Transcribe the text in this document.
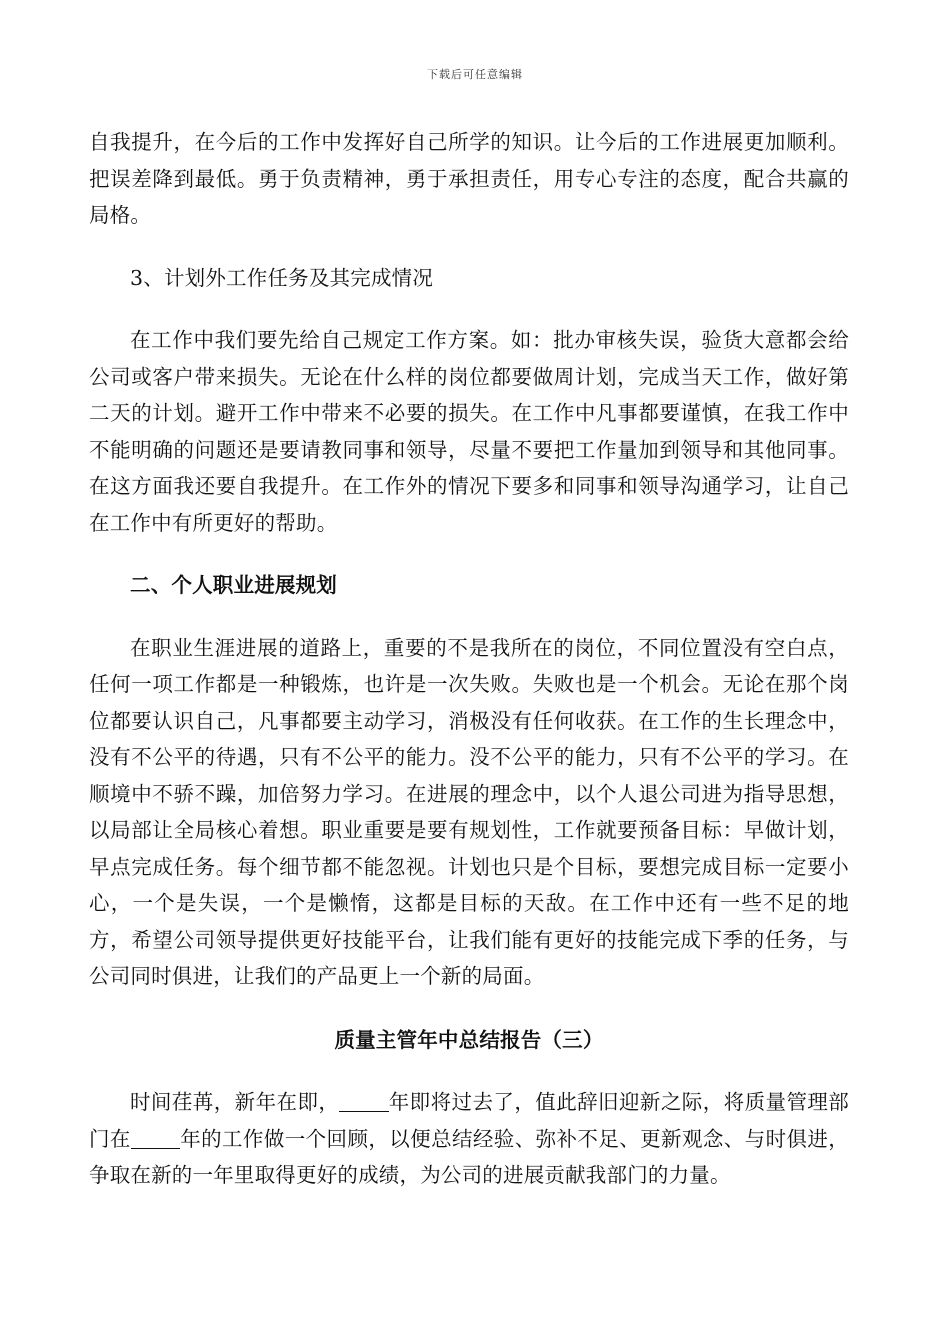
下载后可任意编辑

自我提升，在今后的工作中发挥好自己所学的知识。让今后的工作进展更加顺利。把误差降到最低。勇于负责精神，勇于承担责任，用专心专注的态度，配合共赢的局格。

3、计划外工作任务及其完成情况

在工作中我们要先给自己规定工作方案。如：批办审核失误，验货大意都会给公司或客户带来损失。无论在什么样的岗位都要做周计划，完成当天工作，做好第二天的计划。避开工作中带来不必要的损失。在工作中凡事都要谨慎，在我工作中不能明确的问题还是要请教同事和领导，尽量不要把工作量加到领导和其他同事。在这方面我还要自我提升。在工作外的情况下要多和同事和领导沟通学习，让自己在工作中有所更好的帮助。

二、个人职业进展规划

在职业生涯进展的道路上，重要的不是我所在的岗位，不同位置没有空白点，任何一项工作都是一种锻炼，也许是一次失败。失败也是一个机会。无论在那个岗位都要认识自己，凡事都要主动学习，消极没有任何收获。在工作的生长理念中，没有不公平的待遇，只有不公平的能力。没不公平的能力，只有不公平的学习。在顺境中不骄不躁，加倍努力学习。在进展的理念中，以个人退公司进为指导思想，以局部让全局核心着想。职业重要是要有规划性，工作就要预备目标：早做计划，早点完成任务。每个细节都不能忽视。计划也只是个目标，要想完成目标一定要小心，一个是失误，一个是懒惰，这都是目标的天敌。在工作中还有一些不足的地方，希望公司领导提供更好技能平台，让我们能有更好的技能完成下季的任务，与公司同时俱进，让我们的产品更上一个新的局面。

质量主管年中总结报告（三）

时间荏苒，新年在即， 年即将过去了，值此辞旧迎新之际，将质量管理部门在 年的工作做一个回顾，以便总结经验、弥补不足、更新观念、与时俱进，争取在新的一年里取得更好的成绩，为公司的进展贡献我部门的力量。
